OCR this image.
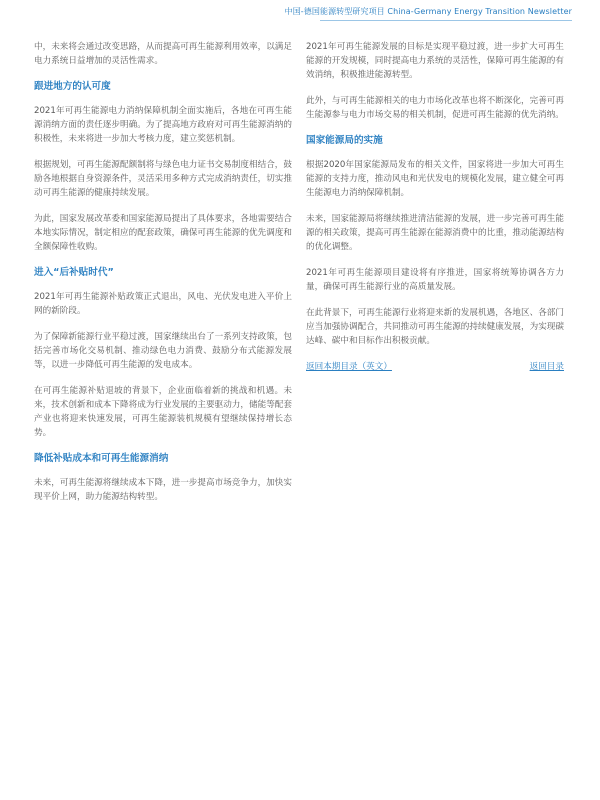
中国-德国能源转型研究项目 China-Germany Energy Transition Newsletter

中，未来将会通过改变思路，从而提高可再生能源利用效率，以满足电力系统日益增加的灵活性需求。

跟进地方的认可度

2021年可再生能源电力消纳保障机制全面实施后，各地在可再生能源消纳方面的责任逐步明确。为了提高地方政府对可再生能源消纳的积极性，未来将进一步加大考核力度，建立奖惩机制。

根据规划，可再生能源配额制将与绿色电力证书交易制度相结合，鼓励各地根据自身资源条件，灵活采用多种方式完成消纳责任，切实推动可再生能源的健康持续发展。

为此，国家发展改革委和国家能源局提出了具体要求，各地需要结合本地实际情况，制定相应的配套政策，确保可再生能源的优先调度和全额保障性收购。

进入“后补贴时代”

2021年可再生能源补贴政策正式退出，风电、光伏发电进入平价上网的新阶段。

为了保障新能源行业平稳过渡，国家继续出台了一系列支持政策，包括完善市场化交易机制、推动绿色电力消费、鼓励分布式能源发展等，以进一步降低可再生能源的发电成本。

在可再生能源补贴退坡的背景下，企业面临着新的挑战和机遇。未来，技术创新和成本下降将成为行业发展的主要驱动力，储能等配套产业也将迎来快速发展，可再生能源装机规模有望继续保持增长态势。

降低补贴成本和可再生能源消纳

未来，可再生能源将继续成本下降，进一步提高市场竞争力，加快实现平价上网，助力能源结构转型。

2021年可再生能源发展的目标是实现平稳过渡，进一步扩大可再生能源的开发规模，同时提高电力系统的灵活性，保障可再生能源的有效消纳，积极推进能源转型。

此外，与可再生能源相关的电力市场化改革也将不断深化，完善可再生能源参与电力市场交易的相关机制，促进可再生能源的优先消纳。

国家能源局的实施

根据2020年国家能源局发布的相关文件，国家将进一步加大可再生能源的支持力度，推动风电和光伏发电的规模化发展，建立健全可再生能源电力消纳保障机制。

未来，国家能源局将继续推进清洁能源的发展，进一步完善可再生能源的相关政策，提高可再生能源在能源消费中的比重，推动能源结构的优化调整。

2021年可再生能源项目建设将有序推进，国家将统筹协调各方力量，确保可再生能源行业的高质量发展。

在此背景下，可再生能源行业将迎来新的发展机遇，各地区、各部门应当加强协调配合，共同推动可再生能源的持续健康发展，为实现碳达峰、碳中和目标作出积极贡献。

返回本期目录（英文）	返回目录
